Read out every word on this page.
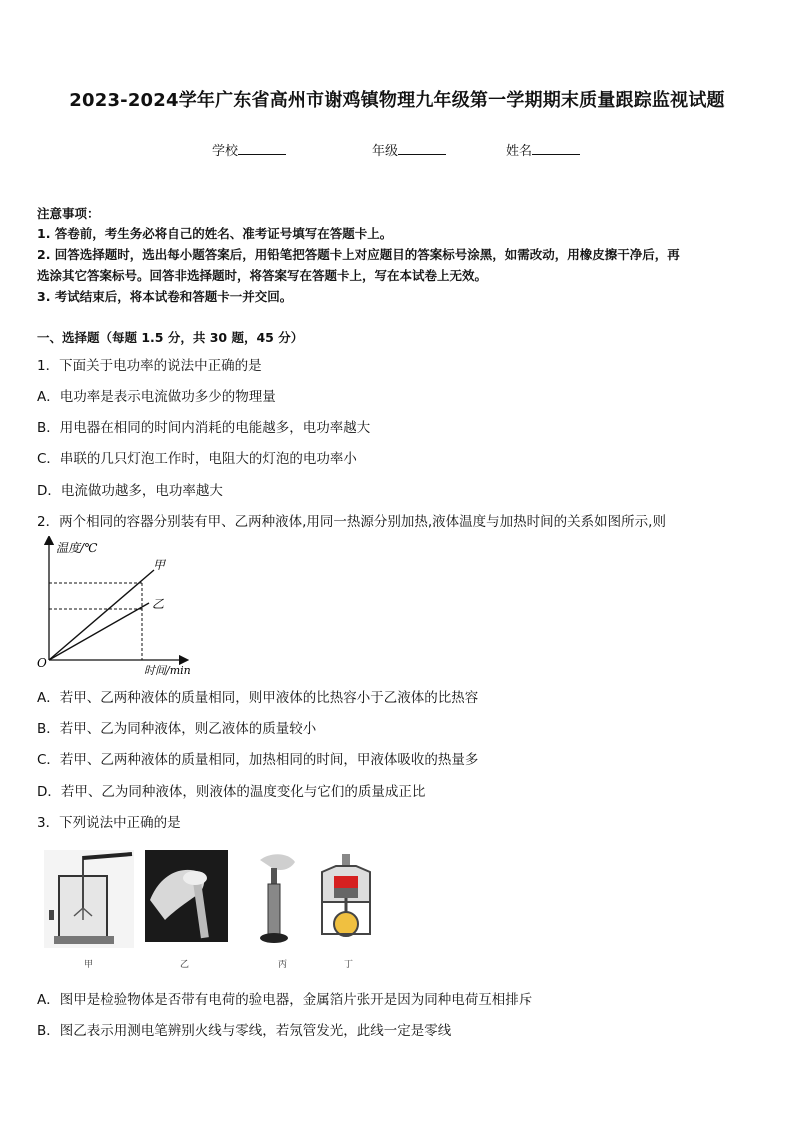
2023-2024学年广东省高州市谢鸡镇物理九年级第一学期期末质量跟踪监视试题
学校	年级	姓名
注意事项：
1. 答卷前，考生务必将自己的姓名、准考证号填写在答题卡上。
2. 回答选择题时，选出每小题答案后，用铅笔把答题卡上对应题目的答案标号涂黑，如需改动，用橡皮擦干净后，再
选涂其它答案标号。回答非选择题时，将答案写在答题卡上，写在本试卷上无效。
3. 考试结束后，将本试卷和答题卡一并交回。
一、选择题（每题 1.5 分，共 30 题，45 分）
1．下面关于电功率的说法中正确的是
A．电功率是表示电流做功多少的物理量
B．用电器在相同的时间内消耗的电能越多，电功率越大
C．串联的几只灯泡工作时，电阻大的灯泡的电功率小
D．电流做功越多，电功率越大
2．两个相同的容器分别装有甲、乙两种液体,用同一热源分别加热,液体温度与加热时间的关系如图所示,则
温度/℃
时间/min
O
甲
乙
A．若甲、乙两种液体的质量相同，则甲液体的比热容小于乙液体的比热容
B．若甲、乙为同种液体，则乙液体的质量较小
C．若甲、乙两种液体的质量相同，加热相同的时间，甲液体吸收的热量多
D．若甲、乙为同种液体，则液体的温度变化与它们的质量成正比
3．下列说法中正确的是
甲	乙	丙	丁
A．图甲是检验物体是否带有电荷的验电器，金属箔片张开是因为同种电荷互相排斥
B．图乙表示用测电笔辨别火线与零线，若氖管发光，此线一定是零线
